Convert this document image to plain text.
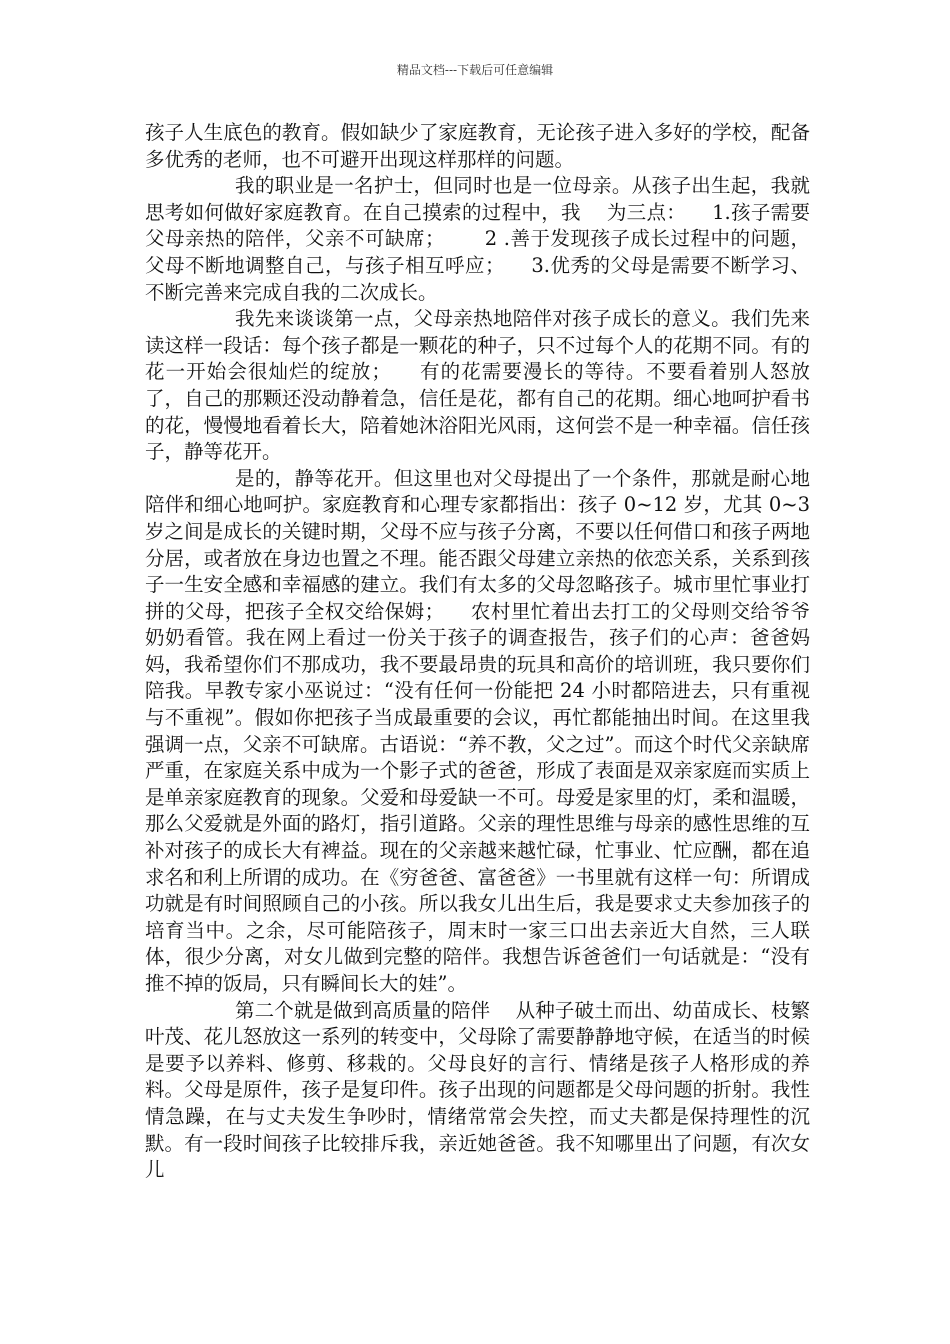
精品文档---下载后可任意编辑

孩子人生底色的教育。假如缺少了家庭教育，无论孩子进入多好的学校，配备多优秀的老师，也不可避开出现这样那样的问题。

我的职业是一名护士，但同时也是一位母亲。从孩子出生起，我就思考如何做好家庭教育。在自己摸索的过程中，我    为三点：    1.孩子需要父母亲热的陪伴，父亲不可缺席；      2 .善于发现孩子成长过程中的问题，父母不断地调整自己，与孩子相互呼应；    3.优秀的父母是需要不断学习、不断完善来完成自我的二次成长。

我先来谈谈第一点，父母亲热地陪伴对孩子成长的意义。我们先来读这样一段话：每个孩子都是一颗花的种子，只不过每个人的花期不同。有的花一开始会很灿烂的绽放；    有的花需要漫长的等待。不要看着别人怒放了，自己的那颗还没动静着急，信任是花，都有自己的花期。细心地呵护看书的花，慢慢地看着长大，陪着她沐浴阳光风雨，这何尝不是一种幸福。信任孩子，静等花开。

是的，静等花开。但这里也对父母提出了一个条件，那就是耐心地陪伴和细心地呵护。家庭教育和心理专家都指出：孩子 0~12 岁，尤其 0~3 岁之间是成长的关键时期，父母不应与孩子分离，不要以任何借口和孩子两地分居，或者放在身边也置之不理。能否跟父母建立亲热的依恋关系，关系到孩子一生安全感和幸福感的建立。我们有太多的父母忽略孩子。城市里忙事业打拼的父母，把孩子全权交给保姆；    农村里忙着出去打工的父母则交给爷爷奶奶看管。我在网上看过一份关于孩子的调查报告，孩子们的心声：爸爸妈妈，我希望你们不那成功，我不要最昂贵的玩具和高价的培训班，我只要你们陪我。早教专家小巫说过：“没有任何一份能把 24 小时都陪进去，只有重视与不重视”。假如你把孩子当成最重要的会议，再忙都能抽出时间。在这里我强调一点，父亲不可缺席。古语说：“养不教，父之过”。而这个时代父亲缺席严重，在家庭关系中成为一个影子式的爸爸，形成了表面是双亲家庭而实质上是单亲家庭教育的现象。父爱和母爱缺一不可。母爱是家里的灯，柔和温暖，那么父爱就是外面的路灯，指引道路。父亲的理性思维与母亲的感性思维的互补对孩子的成长大有裨益。现在的父亲越来越忙碌，忙事业、忙应酬，都在追求名和利上所谓的成功。在《穷爸爸、富爸爸》一书里就有这样一句：所谓成功就是有时间照顾自己的小孩。所以我女儿出生后，我是要求丈夫参加孩子的培育当中。之余，尽可能陪孩子，周末时一家三口出去亲近大自然，三人联体，很少分离，对女儿做到完整的陪伴。我想告诉爸爸们一句话就是：“没有推不掉的饭局，只有瞬间长大的娃”。

第二个就是做到高质量的陪伴    从种子破土而出、幼苗成长、枝繁叶茂、花儿怒放这一系列的转变中，父母除了需要静静地守候，在适当的时候是要予以养料、修剪、移栽的。父母良好的言行、情绪是孩子人格形成的养料。父母是原件，孩子是复印件。孩子出现的问题都是父母问题的折射。我性情急躁，在与丈夫发生争吵时，情绪常常会失控，而丈夫都是保持理性的沉默。有一段时间孩子比较排斥我，亲近她爸爸。我不知哪里出了问题，有次女儿
